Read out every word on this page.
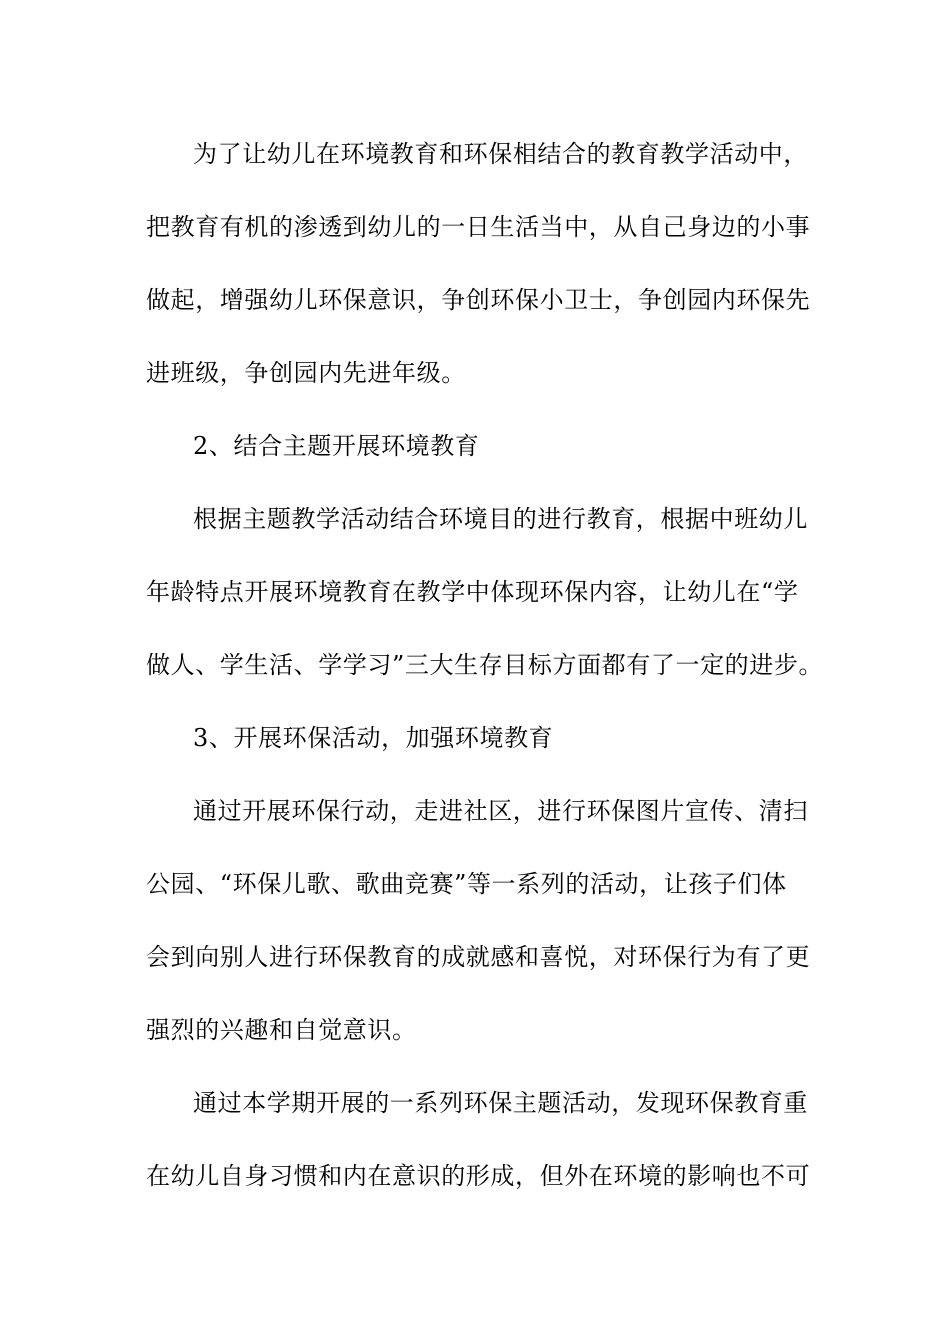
为了让幼儿在环境教育和环保相结合的教育教学活动中，
把教育有机的渗透到幼儿的一日生活当中，从自己身边的小事
做起，增强幼儿环保意识，争创环保小卫士，争创园内环保先
进班级，争创园内先进年级。
2、结合主题开展环境教育
根据主题教学活动结合环境目的进行教育，根据中班幼儿
年龄特点开展环境教育在教学中体现环保内容，让幼儿在“学
做人、学生活、学学习”三大生存目标方面都有了一定的进步。
3、开展环保活动，加强环境教育
通过开展环保行动，走进社区，进行环保图片宣传、清扫
公园、“环保儿歌、歌曲竞赛”等一系列的活动，让孩子们体
会到向别人进行环保教育的成就感和喜悦，对环保行为有了更
强烈的兴趣和自觉意识。
通过本学期开展的一系列环保主题活动，发现环保教育重
在幼儿自身习惯和内在意识的形成，但外在环境的影响也不可
